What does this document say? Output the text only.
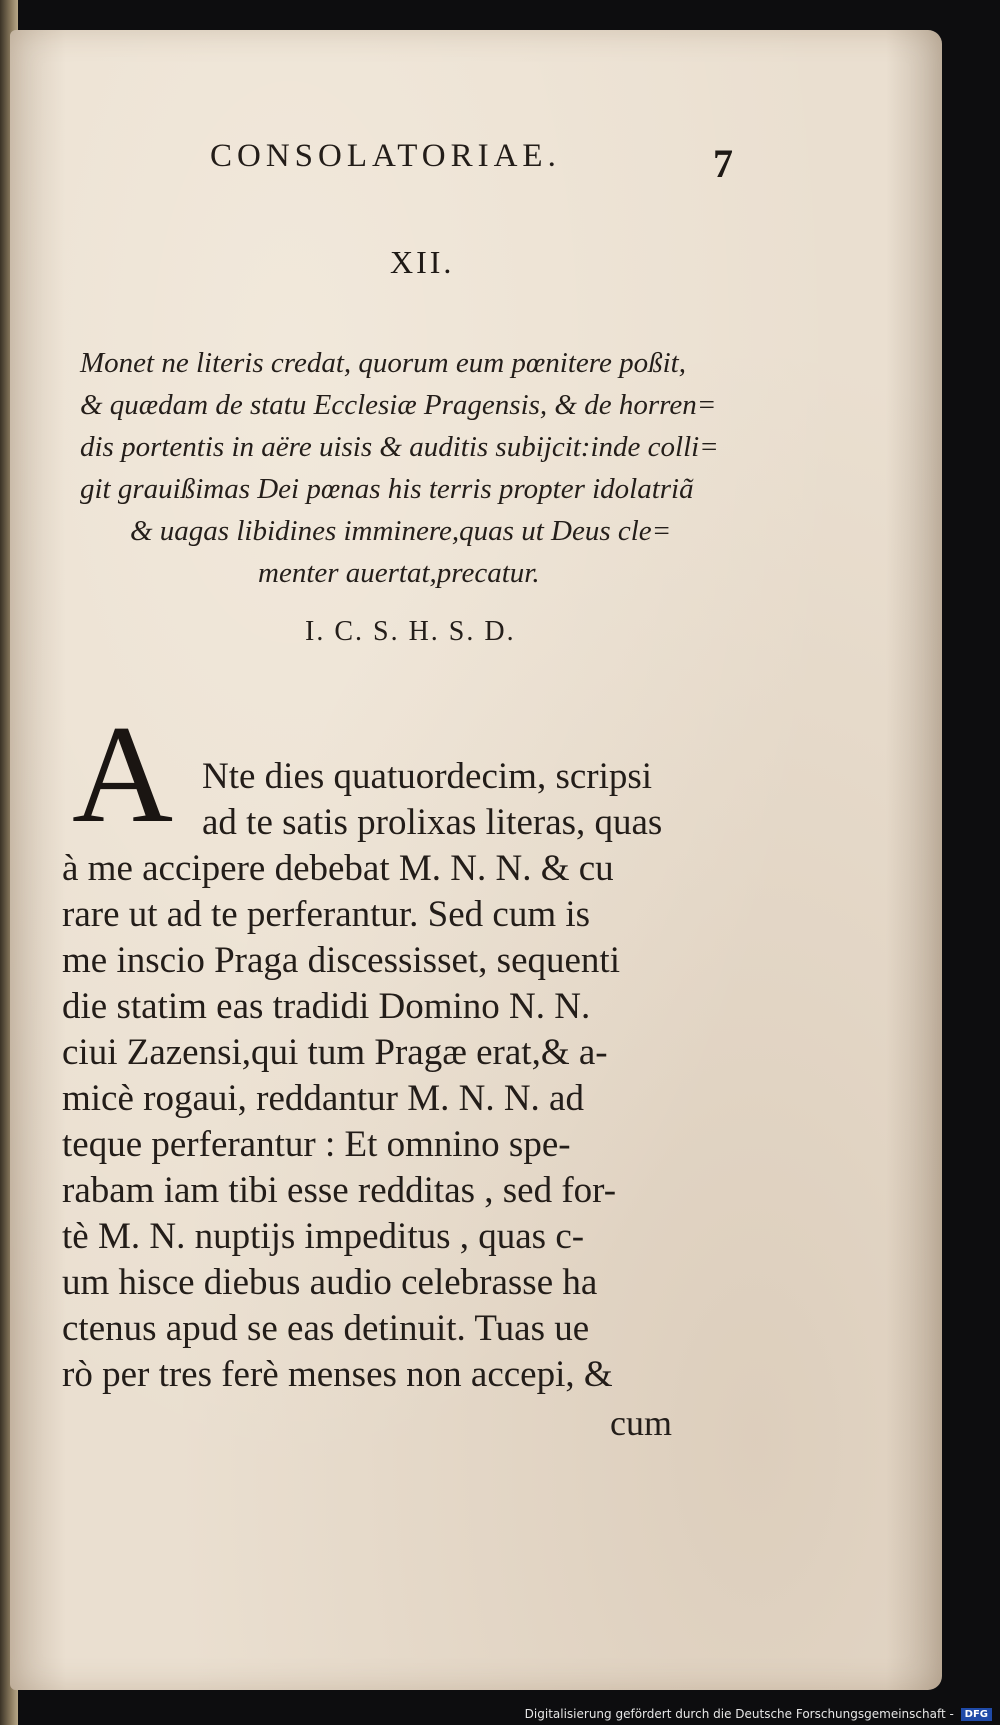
CONSOLATORIAE.	7
XII.
Monet ne literis credat, quorum eum pœnitere poßit,
& quædam de statu Ecclesiæ Pragensis, & de horren=
dis portentis in aëre uisis & auditis subijcit:inde colli=
git grauißimas Dei pœnas his terris propter idolatriã
& uagas libidines imminere,quas ut Deus cle=
menter auertat,precatur.
I. C. S. H. S. D.
A Nte dies quatuordecim, scripsi
ad te satis prolixas literas, quas
à me accipere debebat M. N. N. & cu
rare ut ad te perferantur. Sed cum is
me inscio Praga discessisset, sequenti
die statim eas tradidi Domino N. N.
ciui Zazensi,qui tum Pragæ erat,& a-
micè rogaui, reddantur M. N. N. ad
teque perferantur : Et omnino spe-
rabam iam tibi esse redditas , sed for-
tè M. N. nuptijs impeditus , quas c-
um hisce diebus audio celebrasse ha
ctenus apud se eas detinuit. Tuas ue
rò per tres ferè menses non accepi, &
cum
Digitalisierung gefördert durch die Deutsche Forschungsgemeinschaft - DFG
